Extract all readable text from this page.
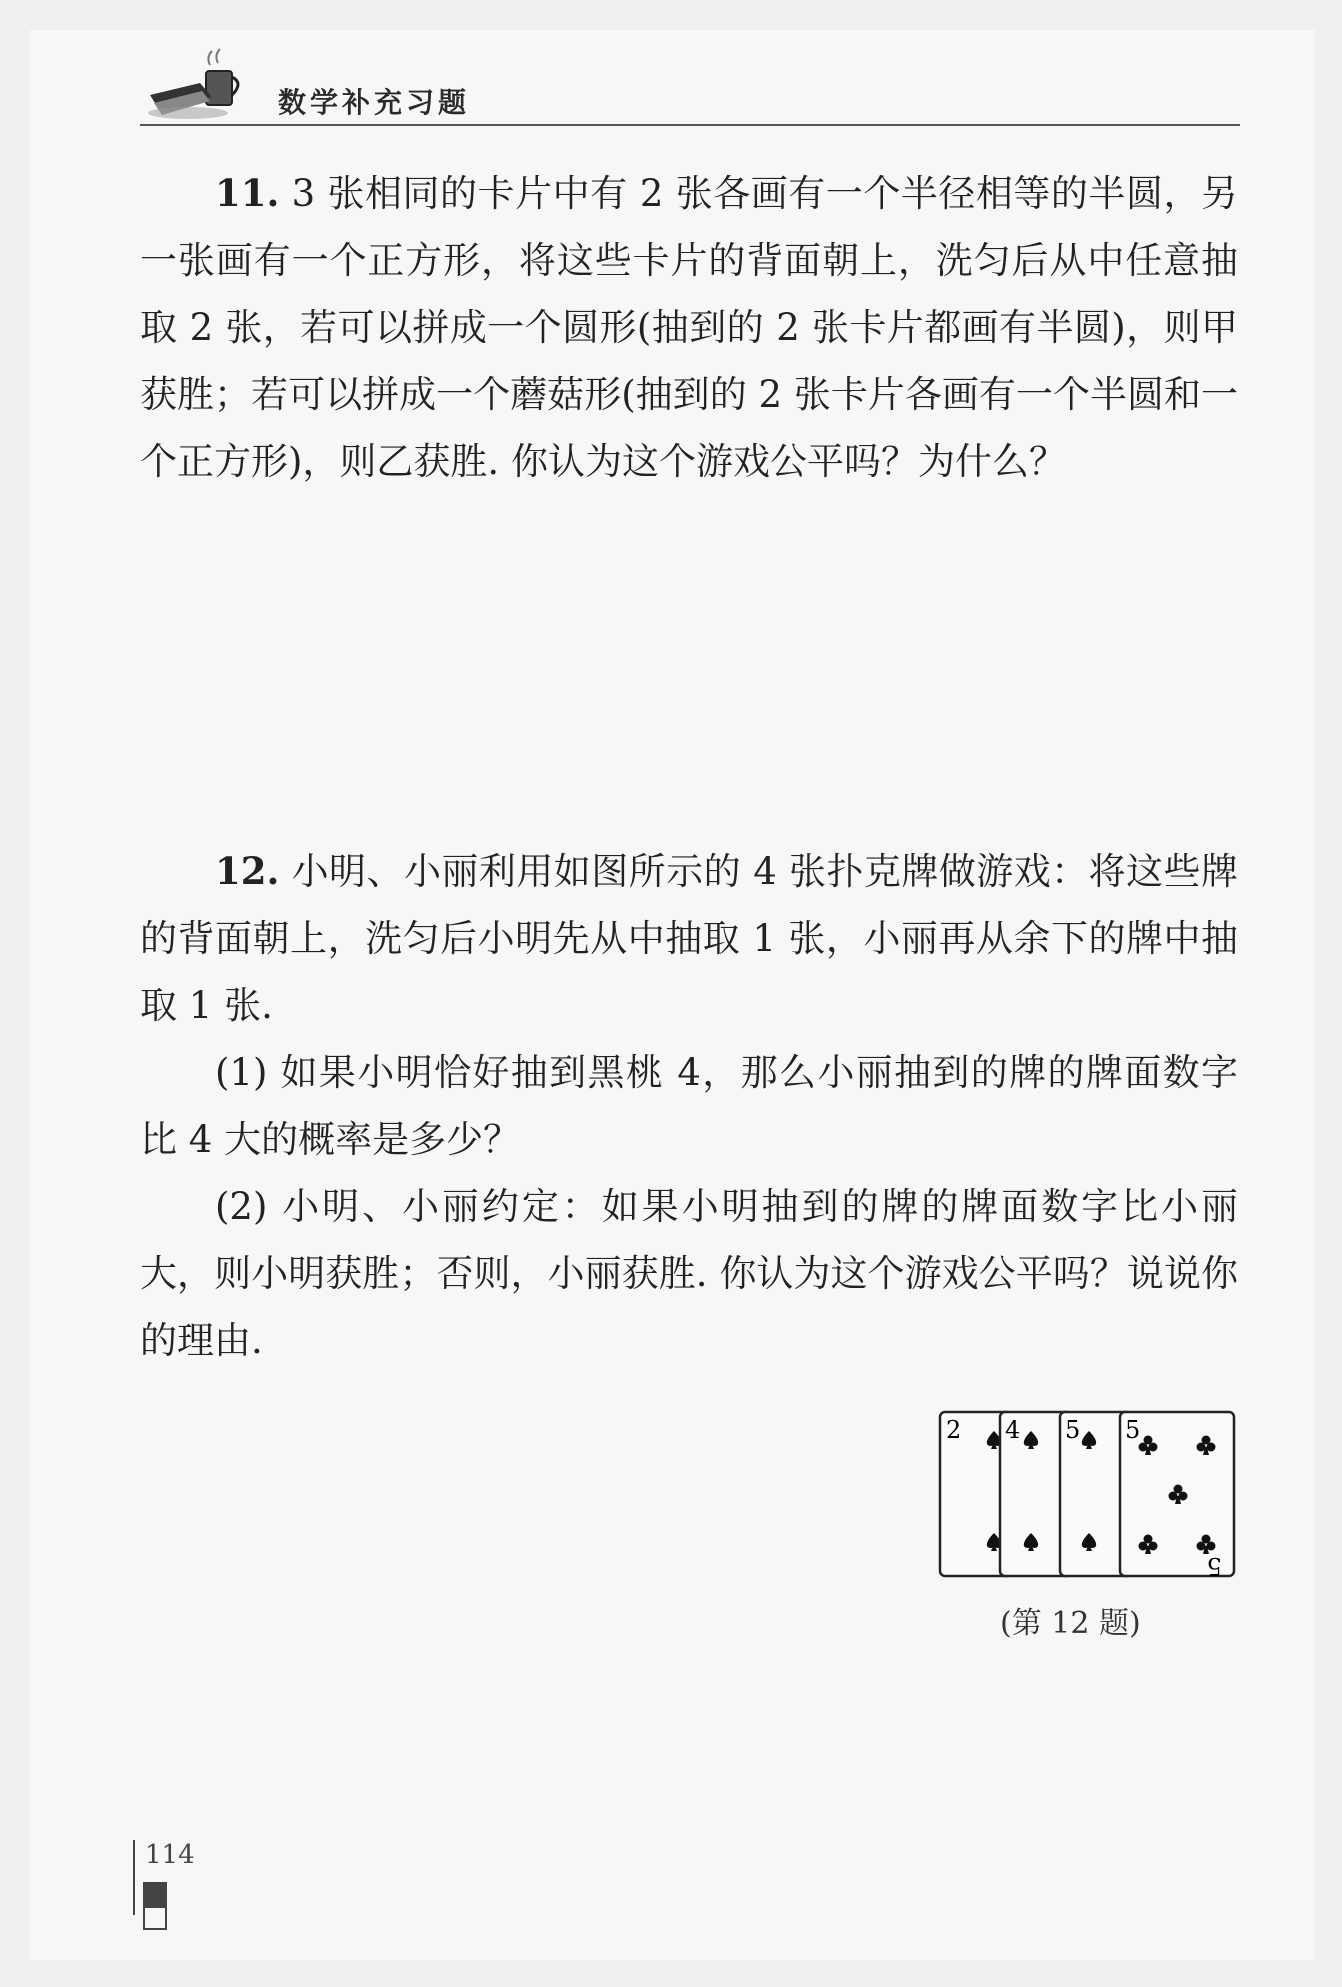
数学补充习题

11. 3 张相同的卡片中有 2 张各画有一个半径相等的半圆，另一张画有一个正方形，将这些卡片的背面朝上，洗匀后从中任意抽取 2 张，若可以拼成一个圆形(抽到的 2 张卡片都画有半圆)，则甲获胜；若可以拼成一个蘑菇形(抽到的 2 张卡片各画有一个半圆和一个正方形)，则乙获胜. 你认为这个游戏公平吗？为什么？

12. 小明、小丽利用如图所示的 4 张扑克牌做游戏：将这些牌的背面朝上，洗匀后小明先从中抽取 1 张，小丽再从余下的牌中抽取 1 张.

(1) 如果小明恰好抽到黑桃 4，那么小丽抽到的牌的牌面数字比 4 大的概率是多少？

(2) 小明、小丽约定：如果小明抽到的牌的牌面数字比小丽大，则小明获胜；否则，小丽获胜. 你认为这个游戏公平吗？说说你的理由.

2 4 5 5
5
(第 12 题)
114
